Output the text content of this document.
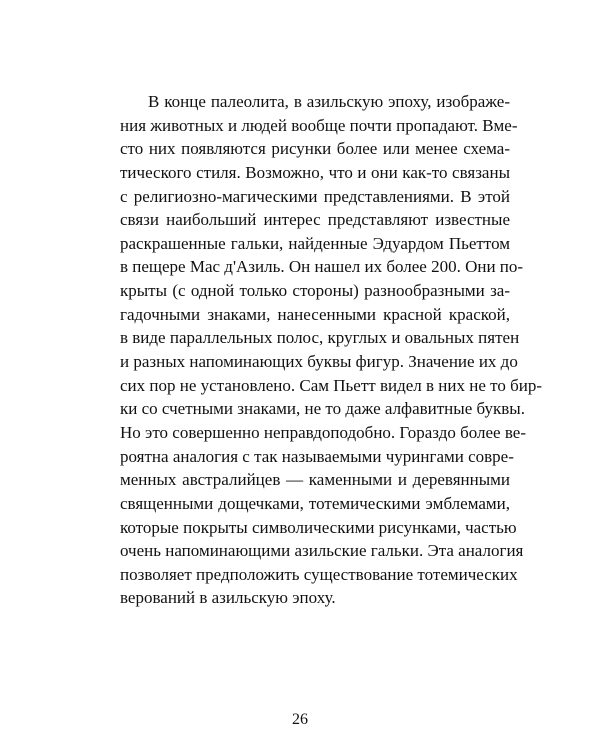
В конце палеолита, в азильскую эпоху, изображе-
ния животных и людей вообще почти пропадают. Вме-
сто них появляются рисунки более или менее схема-
тического стиля. Возможно, что и они как-то связаны
с религиозно-магическими представлениями. В этой
связи наибольший интерес представляют известные
раскрашенные гальки, найденные Эдуардом Пьеттом
в пещере Мас д'Азиль. Он нашел их более 200. Они по-
крыты (с одной только стороны) разнообразными за-
гадочными знаками, нанесенными красной краской,
в виде параллельных полос, круглых и овальных пятен
и разных напоминающих буквы фигур. Значение их до
сих пор не установлено. Сам Пьетт видел в них не то бир-
ки со счетными знаками, не то даже алфавитные буквы.
Но это совершенно неправдоподобно. Гораздо более ве-
роятна аналогия с так называемыми чурингами совре-
менных австралийцев — каменными и деревянными
священными дощечками, тотемическими эмблемами,
которые покрыты символическими рисунками, частью
очень напоминающими азильские гальки. Эта аналогия
позволяет предположить существование тотемических
верований в азильскую эпоху.
26
